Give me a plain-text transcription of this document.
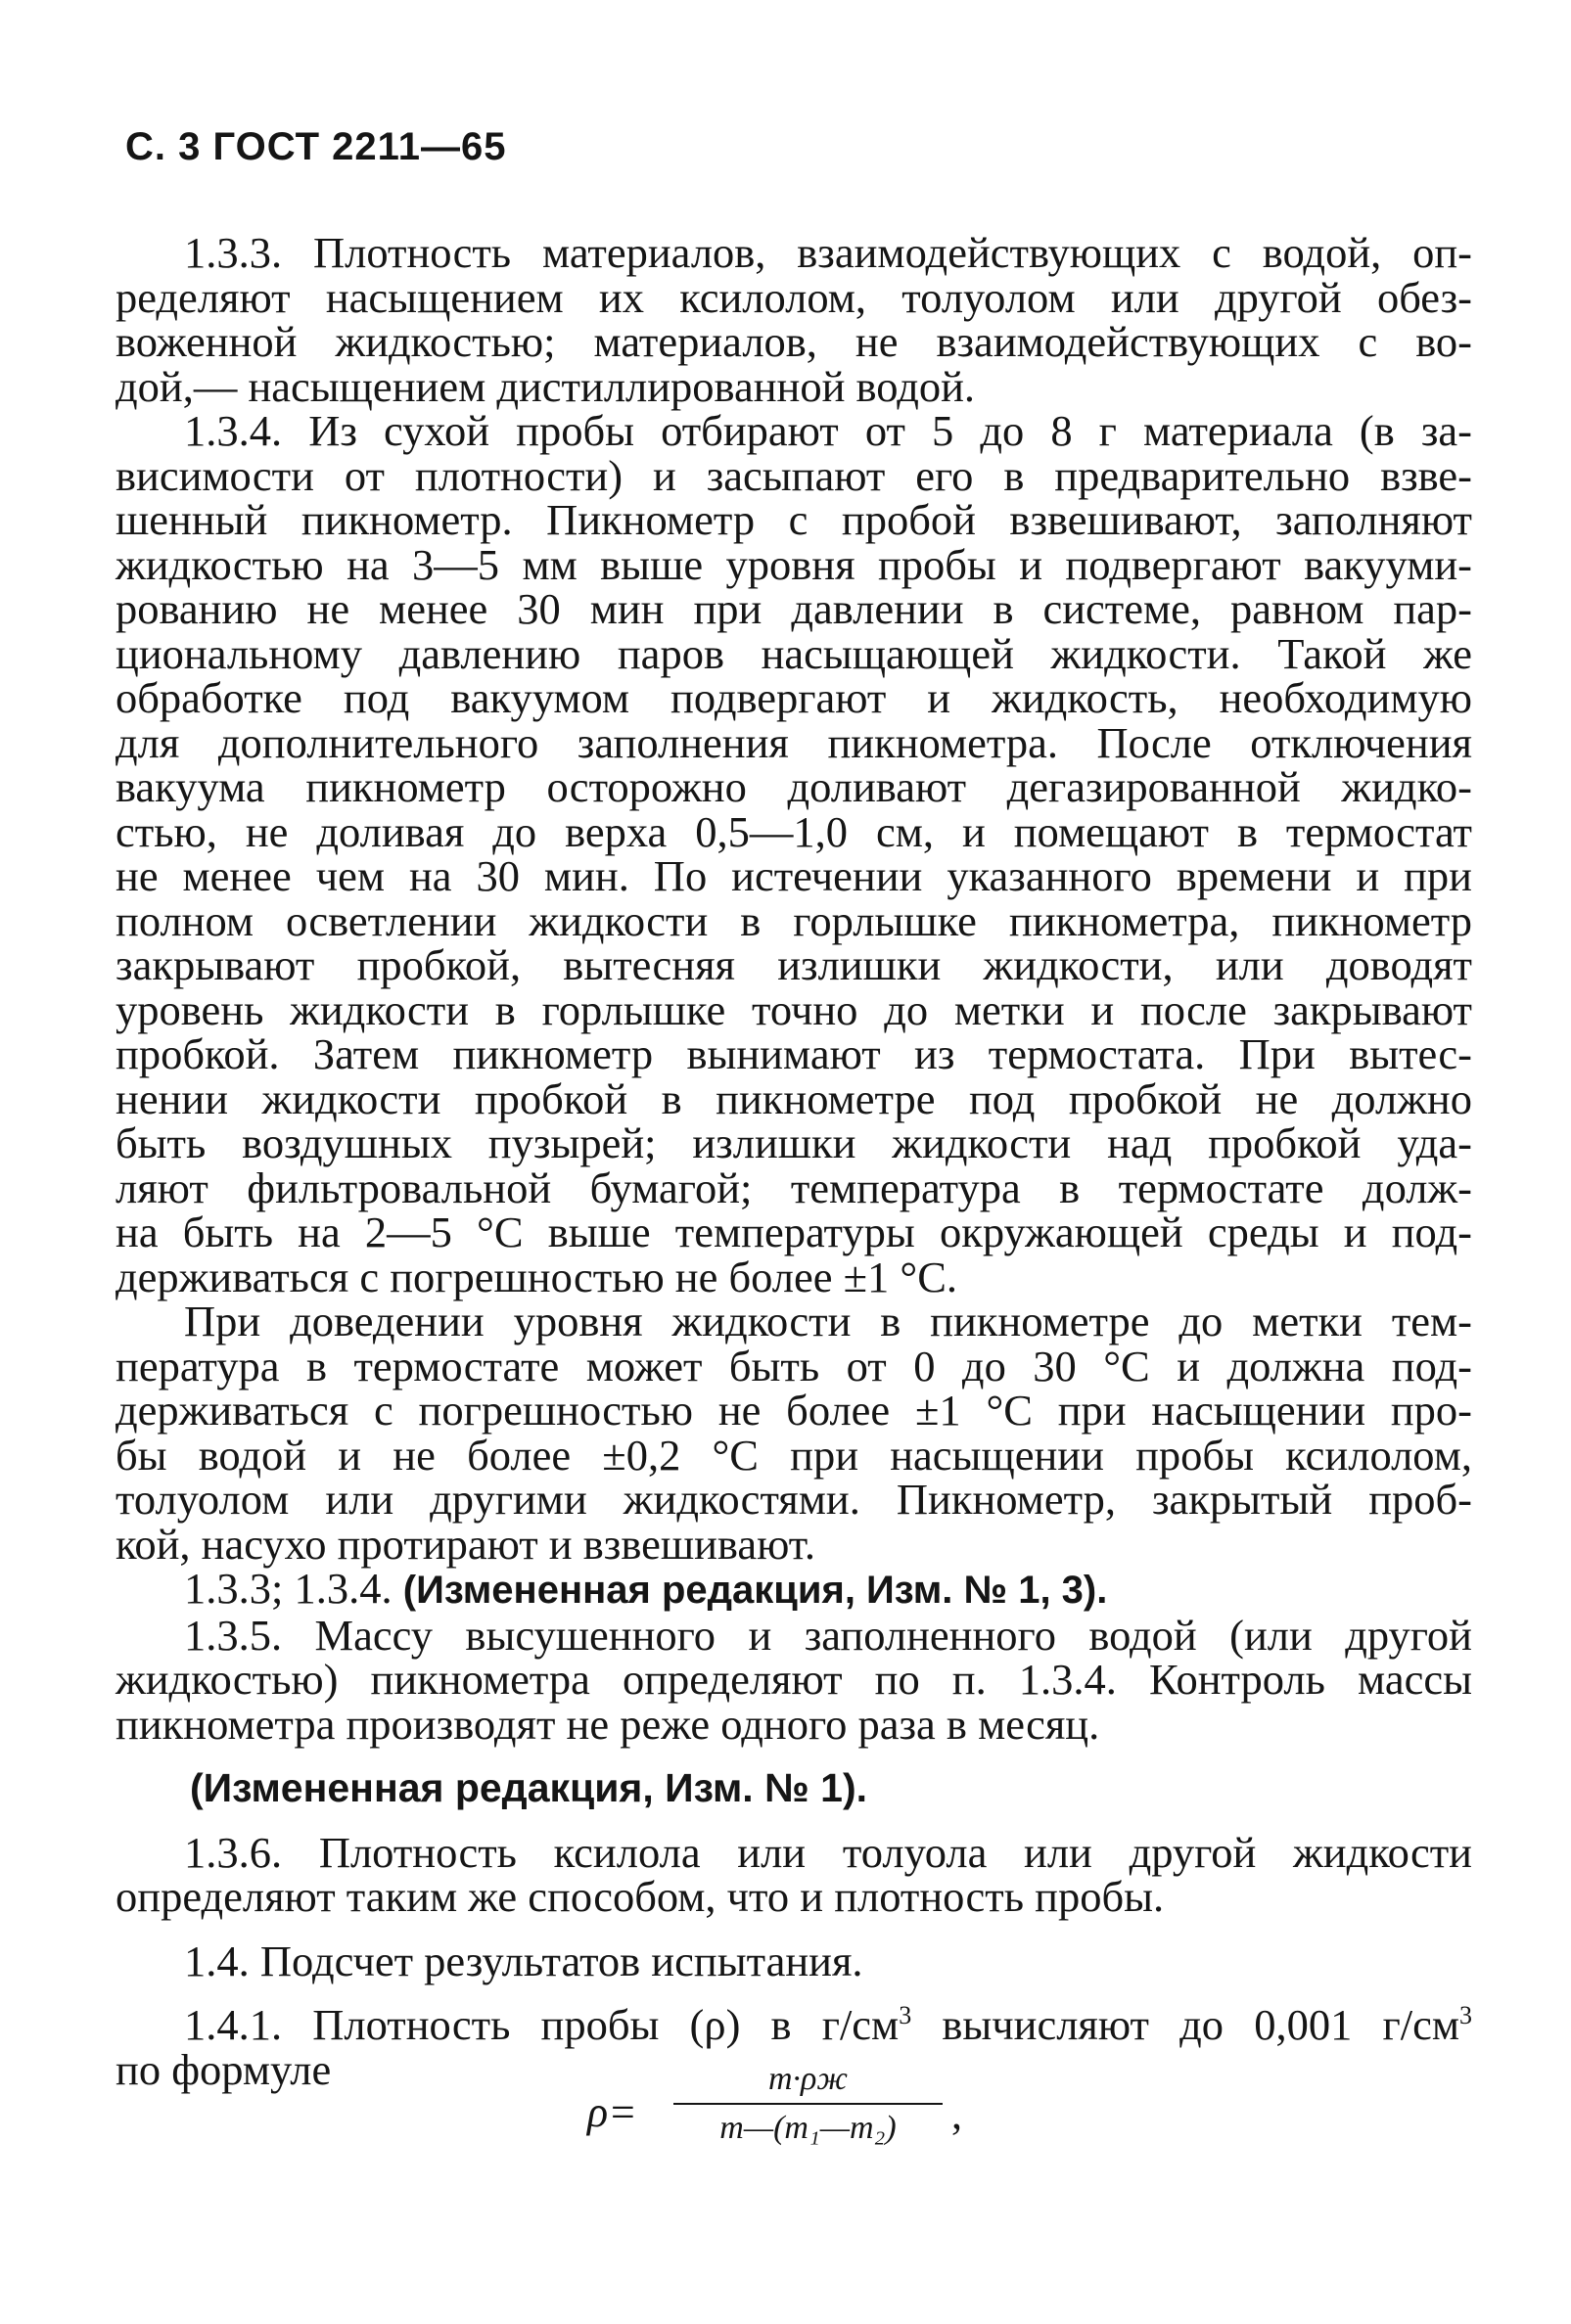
С. 3 ГОСТ 2211—65
1.3.3. Плотность материалов, взаимодействующих с водой, оп-
ределяют насыщением их ксилолом, толуолом или другой обез-
воженной жидкостью; материалов, не взаимодействующих с во-
дой,— насыщением дистиллированной водой.
1.3.4. Из сухой пробы отбирают от 5 до 8 г материала (в за-
висимости от плотности) и засыпают его в предварительно взве-
шенный пикнометр. Пикнометр с пробой взвешивают, заполняют
жидкостью на 3—5 мм выше уровня пробы и подвергают вакууми-
рованию не менее 30 мин при давлении в системе, равном пар-
циональному давлению паров насыщающей жидкости. Такой же
обработке под вакуумом подвергают и жидкость, необходимую
для дополнительного заполнения пикнометра. После отключения
вакуума пикнометр осторожно доливают дегазированной жидко-
стью, не доливая до верха 0,5—1,0 см, и помещают в термостат
не менее чем на 30 мин. По истечении указанного времени и при
полном осветлении жидкости в горлышке пикнометра, пикнометр
закрывают пробкой, вытесняя излишки жидкости, или доводят
уровень жидкости в горлышке точно до метки и после закрывают
пробкой. Затем пикнометр вынимают из термостата. При вытес-
нении жидкости пробкой в пикнометре под пробкой не должно
быть воздушных пузырей; излишки жидкости над пробкой уда-
ляют фильтровальной бумагой; температура в термостате долж-
на быть на 2—5 °С выше температуры окружающей среды и под-
держиваться с погрешностью не более ±1 °С.
При доведении уровня жидкости в пикнометре до метки тем-
пература в термостате может быть от 0 до 30 °С и должна под-
держиваться с погрешностью не более ±1 °С при насыщении про-
бы водой и не более ±0,2 °С при насыщении пробы ксилолом,
толуолом или другими жидкостями. Пикнометр, закрытый проб-
кой, насухо протирают и взвешивают.
1.3.3; 1.3.4. (Измененная редакция, Изм. № 1, 3).
1.3.5. Массу высушенного и заполненного водой (или другой
жидкостью) пикнометра определяют по п. 1.3.4. Контроль массы
пикнометра производят не реже одного раза в месяц.
(Измененная редакция, Изм. № 1).
1.3.6. Плотность ксилола или толуола или другой жидкости
определяют таким же способом, что и плотность пробы.
1.4. Подсчет результатов испытания.
1.4.1. Плотность пробы (ρ) в $г/см^3$ вычисляют до 0,001 $г/см^3$
по формуле
ρ=
m·ρж
m—(m₁—m₂)	,
